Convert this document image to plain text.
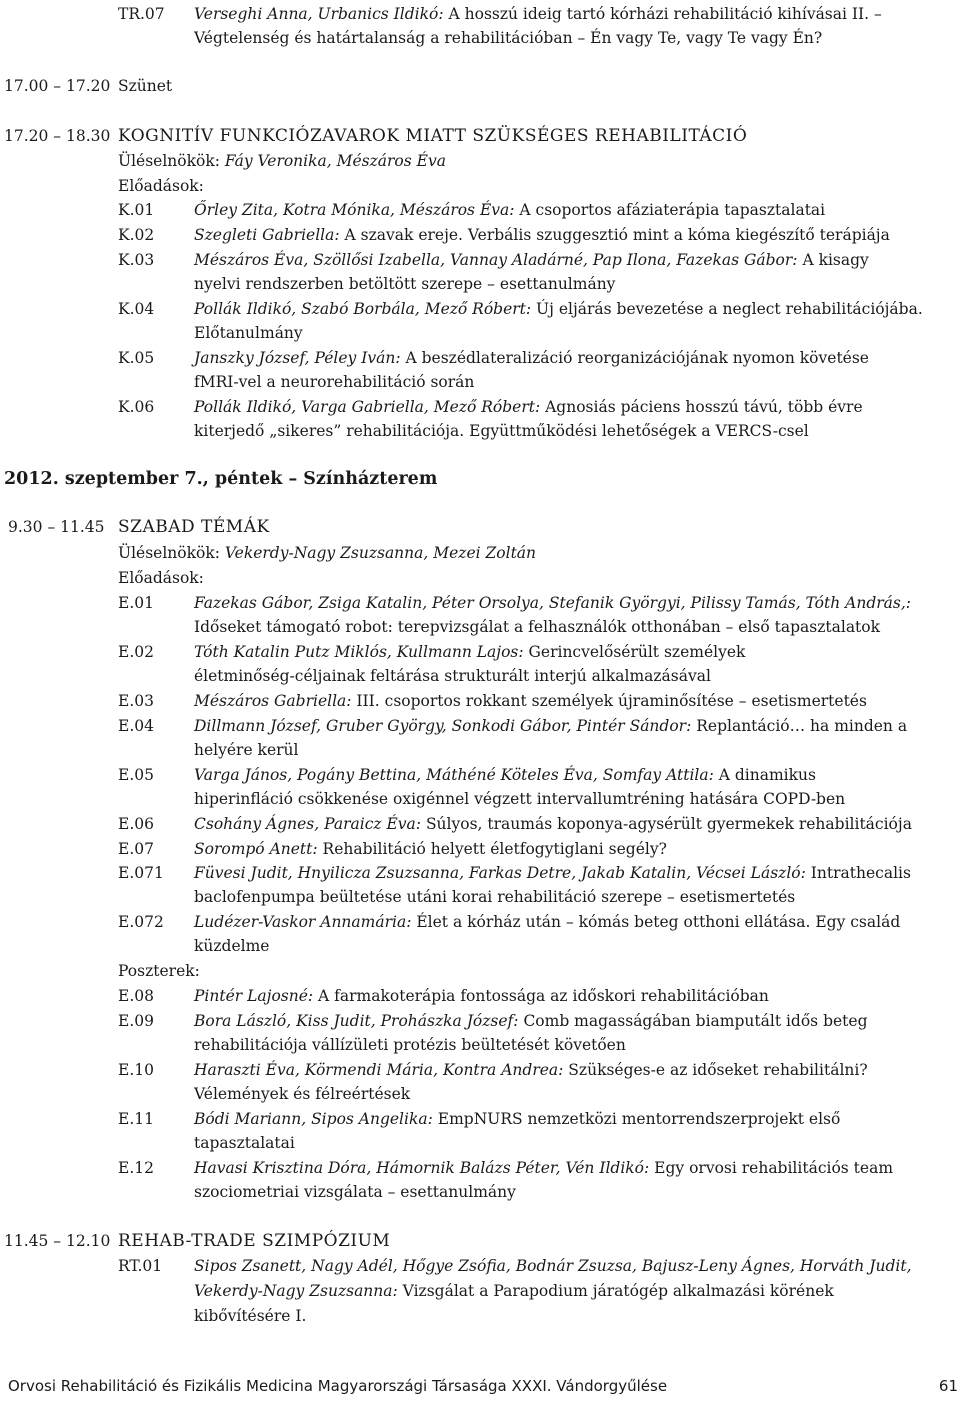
TR.07 Verseghi Anna, Urbanics Ildikó: A hosszú ideig tartó kórházi rehabilitáció kihívásai II. –
Végtelenség és határtalanság a rehabilitációban – Én vagy Te, vagy Te vagy Én?
17.00 – 17.20 Szünet
17.20 – 18.30 KOGNITÍV FUNKCIÓZAVAROK MIATT SZÜKSÉGES REHABILITÁCIÓ
Üléselnökök: Fáy Veronika, Mészáros Éva
Előadások:
K.01	Őrley Zita, Kotra Mónika, Mészáros Éva: A csoportos afáziaterápia tapasztalatai
K.02	Szegleti Gabriella: A szavak ereje. Verbális szuggesztió mint a kóma kiegészítő terápiája
K.03	Mészáros Éva, Szöllősi Izabella, Vannay Aladárné, Pap Ilona, Fazekas Gábor: A kisagy
nyelvi rendszerben betöltött szerepe – esettanulmány
K.04	Pollák Ildikó, Szabó Borbála, Mező Róbert: Új eljárás bevezetése a neglect rehabilitációjába.
Előtanulmány
K.05	Janszky József, Péley Iván: A beszédlateralizáció reorganizációjának nyomon követése
fMRI-vel a neurorehabilitáció során
K.06	Pollák Ildikó, Varga Gabriella, Mező Róbert: Agnosiás páciens hosszú távú, több évre
kiterjedő „sikeres” rehabilitációja. Együttműködési lehetőségek a VERCS-csel
2012. szeptember 7., péntek – Színházterem
9.30 – 11.45 SZABAD TÉMÁK
Üléselnökök: Vekerdy-Nagy Zsuzsanna, Mezei Zoltán
Előadások:
E.01	Fazekas Gábor, Zsiga Katalin, Péter Orsolya, Stefanik Györgyi, Pilissy Tamás, Tóth András,:
Időseket támogató robot: terepvizsgálat a felhasználók otthonában – első tapasztalatok
E.02	Tóth Katalin Putz Miklós, Kullmann Lajos: Gerincvelősérült személyek
életminőség-céljainak feltárása strukturált interjú alkalmazásával
E.03	Mészáros Gabriella: III. csoportos rokkant személyek újraminősítése – esetismertetés
E.04	Dillmann József, Gruber György, Sonkodi Gábor, Pintér Sándor: Replantáció… ha minden a
helyére kerül
E.05	Varga János, Pogány Bettina, Máthéné Köteles Éva, Somfay Attila: A dinamikus
hiperinfláció csökkenése oxigénnel végzett intervallumtréning hatására COPD-ben
E.06	Csohány Ágnes, Paraicz Éva: Súlyos, traumás koponya-agysérült gyermekek rehabilitációja
E.07	Sorompó Anett: Rehabilitáció helyett életfogytiglani segély?
E.071 Füvesi Judit, Hnyilicza Zsuzsanna, Farkas Detre, Jakab Katalin, Vécsei László: Intrathecalis
baclofenpumpa beültetése utáni korai rehabilitáció szerepe – esetismertetés
E.072 Ludézer-Vaskor Annamária: Élet a kórház után – kómás beteg otthoni ellátása. Egy család
küzdelme
Poszterek:
E.08	Pintér Lajosné: A farmakoterápia fontossága az időskori rehabilitációban
E.09	Bora László, Kiss Judit, Prohászka József: Comb magasságában biamputált idős beteg
rehabilitációja vállízületi protézis beültetését követően
E.10	Haraszti Éva, Körmendi Mária, Kontra Andrea: Szükséges-e az időseket rehabilitálni?
Vélemények és félreértések
E.11	Bódi Mariann, Sipos Angelika: EmpNURS nemzetközi mentorrendszerprojekt első
tapasztalatai
E.12	Havasi Krisztina Dóra, Hámornik Balázs Péter, Vén Ildikó: Egy orvosi rehabilitációs team
szociometriai vizsgálata – esettanulmány
11.45 – 12.10 REHAB-TRADE SZIMPÓZIUM
RT.01 Sipos Zsanett, Nagy Adél, Hőgye Zsófia, Bodnár Zsuzsa, Bajusz-Leny Ágnes, Horváth Judit,
Vekerdy-Nagy Zsuzsanna: Vizsgálat a Parapodium járatógép alkalmazási körének
kibővítésére I.
Orvosi Rehabilitáció és Fizikális Medicina Magyarországi Társasága XXXI. Vándorgyűlése	61
